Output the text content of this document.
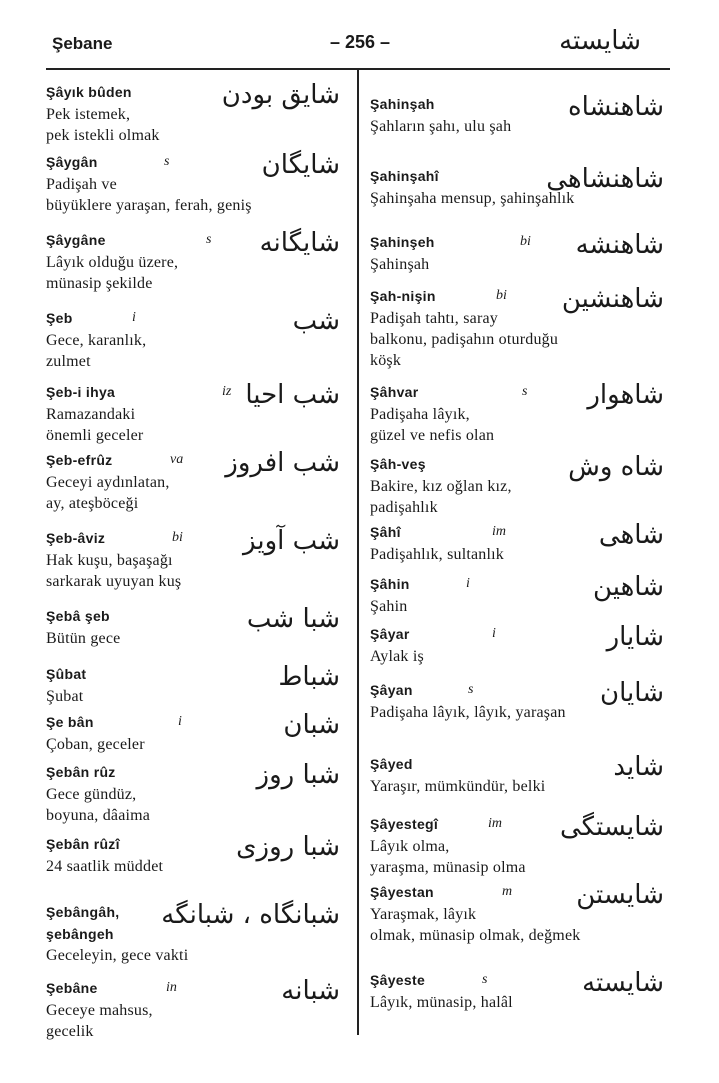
Şebane	– 256 –	شايسته
Şâyık bûden	شايق بودن
Pek istemek,
pek istekli olmak
Şâygân	s	شايگان
Padişah ve
büyüklere yaraşan, ferah, geniş
Şâygâne	s شايگانه
Lâyık olduğu üzere,
münasip şekilde
Şeb	i	شب
Gece, karanlık,
zulmet
Şeb-i ihya	iz شب احيا
Ramazandaki
önemli geceler
Şeb-efrûz	va شب افروز
Geceyi aydınlatan,
ay, ateşböceği
Şeb-âviz	bi شب آويز
Hak kuşu, başaşağı
sarkarak uyuyan kuş
Şebâ şeb	شبا شب
Bütün gece
Şûbat	شباط
Şubat
Şe bân	i	شبان
Çoban, geceler
Şebân rûz	شبا روز
Gece gündüz,
boyuna, dâaima
Şebân rûzî	شبا روزى
24 saatlik müddet
Şebângâh,	شبانگاه ، شبانگه
şebângeh
Geceleyin, gece vakti
Şebâne	in	شبانه
Geceye mahsus,
gecelik
Şahinşah	شاهنشاه
Şahların şahı, ulu şah
Şahinşahî	شاهنشاهى
Şahinşaha mensup, şahinşahlık
Şahinşeh	bi شاهنشه
Şahinşah
Şah-nişin	bi شاهنشين
Padişah tahtı, saray
balkonu, padişahın oturduğu
köşk
Şâhvar	s شاهوار
Padişaha lâyık,
güzel ve nefis olan
Şâh-veş	شاه وش
Bakire, kız oğlan kız,
padişahlık
Şâhî	im	شاهى
Padişahlık, sultanlık
Şâhin	i	شاهين
Şahin
Şâyar	i	شايار
Aylak iş
Şâyan	s	شايان
Padişaha lâyık, lâyık, yaraşan
Şâyed	شايد
Yaraşır, mümkündür, belki
Şâyestegî	im شايستگى
Lâyık olma,
yaraşma, münasip olma
Şâyestan	m شايستن
Yaraşmak, lâyık
olmak, münasip olmak, değmek
Şâyeste	s	شايسته
Lâyık, münasip, halâl
